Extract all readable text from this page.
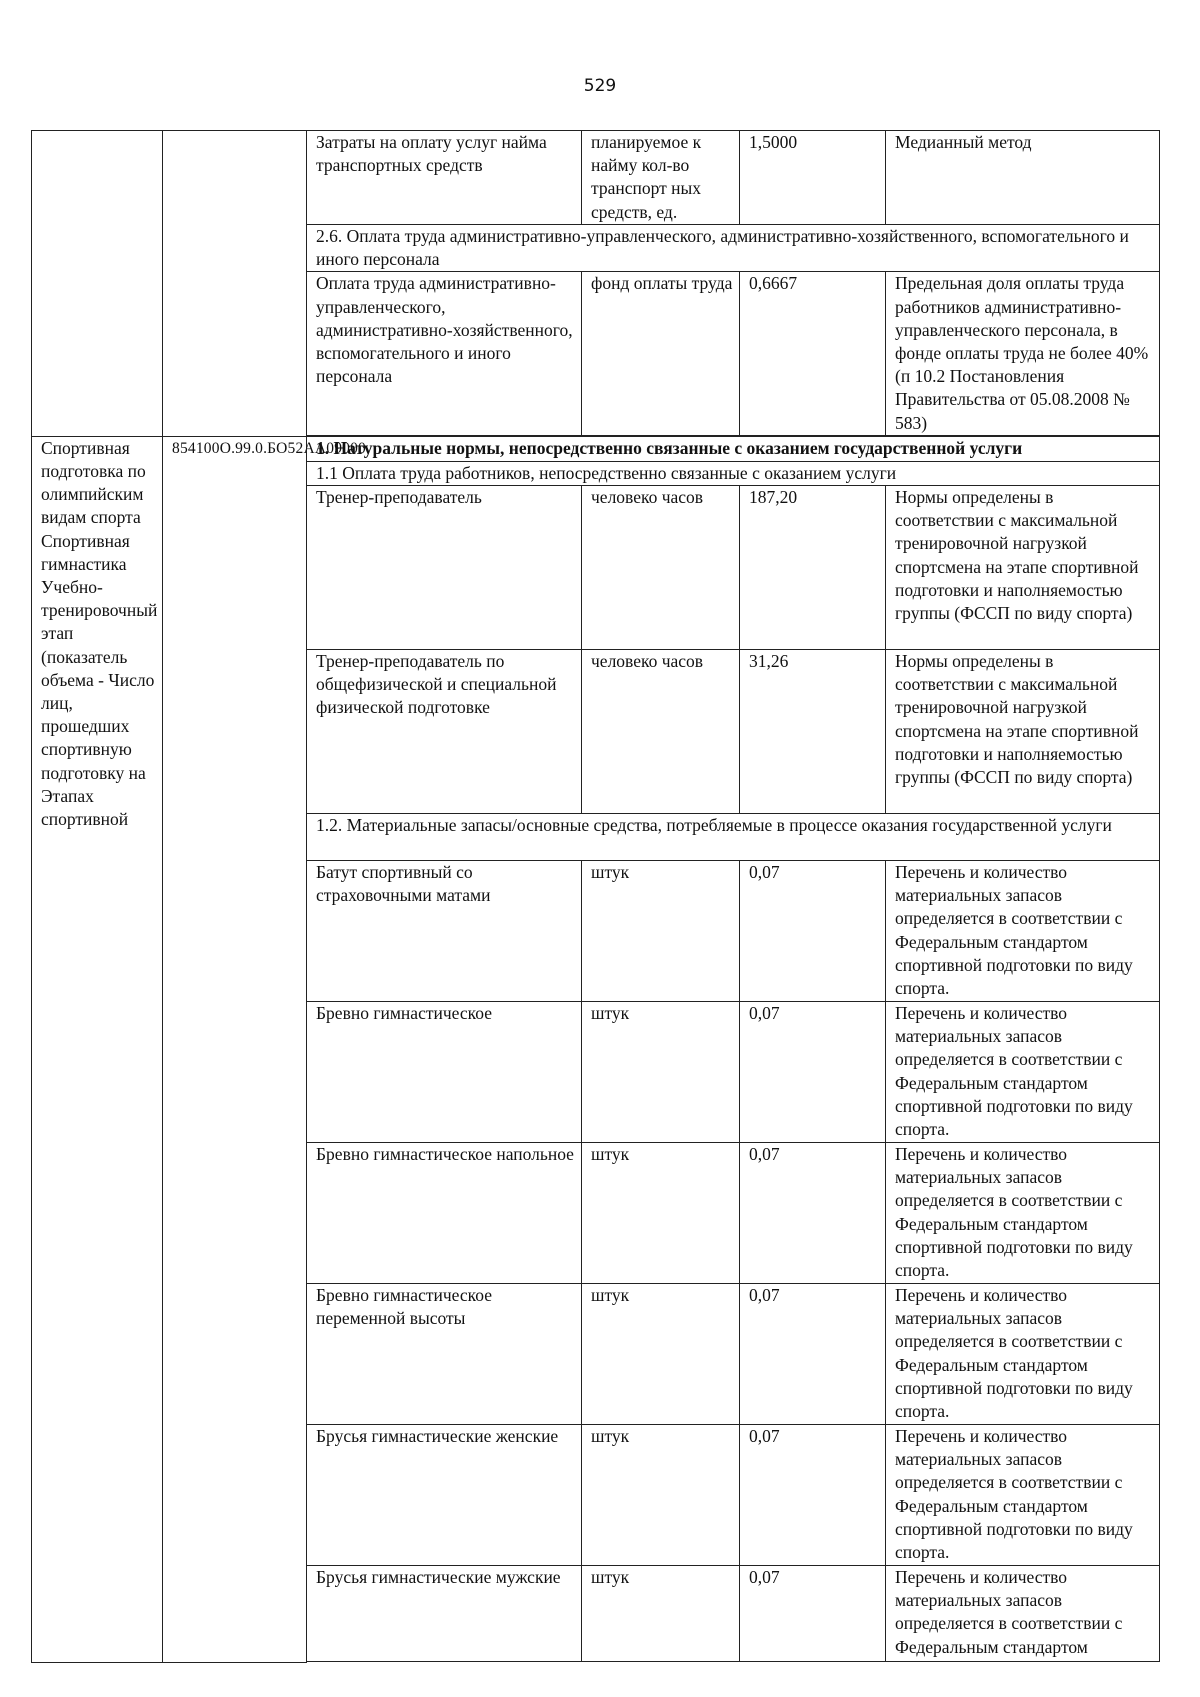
529
		Затраты на оплату услуг найма транспортных средств	планируемое к найму кол-во транспорт ных средств, ед.	1,5000	Медианный метод
		2.6. Оплата труда административно-управленческого, административно-хозяйственного, вспомогательного и иного персонала			
		Оплата труда административно-управленческого, административно-хозяйственного, вспомогательного и иного персонала	фонд оплаты труда	0,6667	Предельная доля оплаты труда работников административно-управленческого персонала, в фонде оплаты труда не более 40% (п 10.2 Постановления Правительства от 05.08.2008 № 583)

Спортивная подготовка по олимпийским видам спорта Спортивная гимнастика Учебно-тренировочный этап (показатель объема - Число лиц, прошедших спортивную подготовку на Этапах спортивной	854100О.99.0.БО52АА09000	1. Натуральные нормы, непосредственно связанные с оказанием государственной услуги			
		1.1 Оплата труда работников, непосредственно связанные с оказанием услуги			
		Тренер-преподаватель	человеко часов	187,20	Нормы определены в соответствии с максимальной тренировочной нагрузкой спортсмена на этапе спортивной подготовки и наполняемостью группы (ФССП по виду спорта)
		Тренер-преподаватель по общефизической и специальной физической подготовке	человеко часов	31,26	Нормы определены в соответствии с максимальной тренировочной нагрузкой спортсмена на этапе спортивной подготовки и наполняемостью группы (ФССП по виду спорта)
		1.2. Материальные запасы/основные средства, потребляемые в процессе оказания государственной услуги			
		Батут спортивный со страховочными матами	штук	0,07	Перечень и количество материальных запасов определяется в соответствии с Федеральным стандартом спортивной подготовки по виду спорта.
		Бревно гимнастическое	штук	0,07	Перечень и количество материальных запасов определяется в соответствии с Федеральным стандартом спортивной подготовки по виду спорта.
		Бревно гимнастическое напольное	штук	0,07	Перечень и количество материальных запасов определяется в соответствии с Федеральным стандартом спортивной подготовки по виду спорта.
		Бревно гимнастическое переменной высоты	штук	0,07	Перечень и количество материальных запасов определяется в соответствии с Федеральным стандартом спортивной подготовки по виду спорта.
		Брусья гимнастические женские	штук	0,07	Перечень и количество материальных запасов определяется в соответствии с Федеральным стандартом спортивной подготовки по виду спорта.
		Брусья гимнастические мужские	штук	0,07	Перечень и количество материальных запасов определяется в соответствии с Федеральным стандартом
